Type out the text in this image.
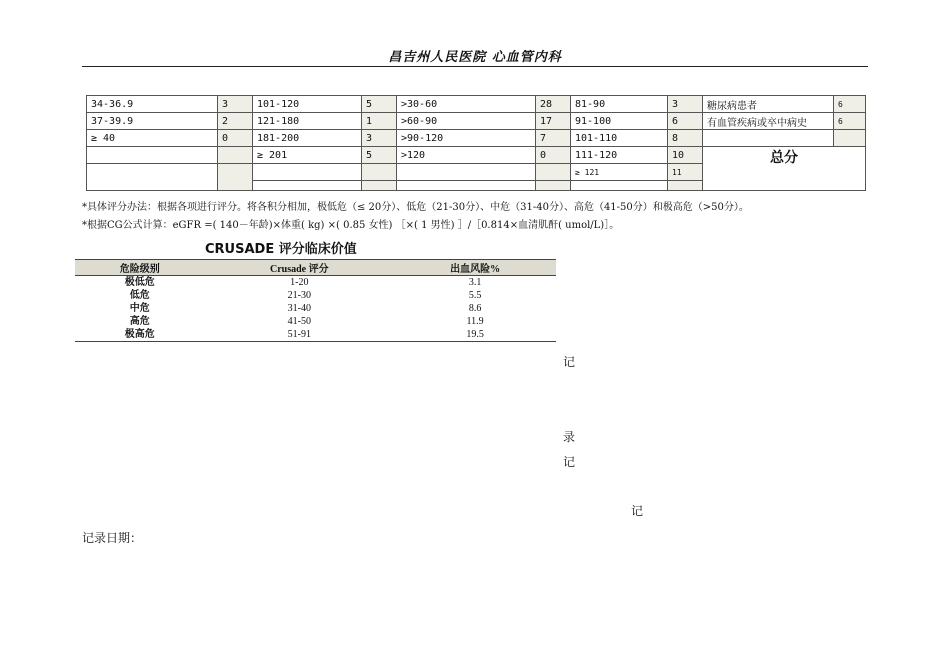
昌吉州人民医院 心血管内科
34-36.9	3	101-120	5	>30-60	28	81-90	3	糖尿病患者	6
37-39.9	2	121-180	1	>60-90	17	91-100	6	有血管疾病或卒中病史	6
≥ 40	0	181-200	3	>90-120	7	101-110	8		
		≥ 201	5	>120	0	111-120	10	总分	
						≥ 121	11		

*具体评分办法：根据各项进行评分。将各积分相加，极低危（≤ 20分）、低危（21-30分）、中危（31-40分）、高危（41-50分）和极高危（>50分）。
*根据CG公式计算：eGFR =( 140－年龄)×体重( kg) ×( 0.85 女性) ［×( 1 男性) ］/［0.814×血清肌酐( umol/L)］。
CRUSADE 评分临床价值
危险级别	Crusade 评分	出血风险%
极低危	1-20	3.1
低危	21-30	5.5
中危	31-40	8.6
高危	41-50	11.9
极高危	51-91	19.5
记
录
记
记
记录日期：
